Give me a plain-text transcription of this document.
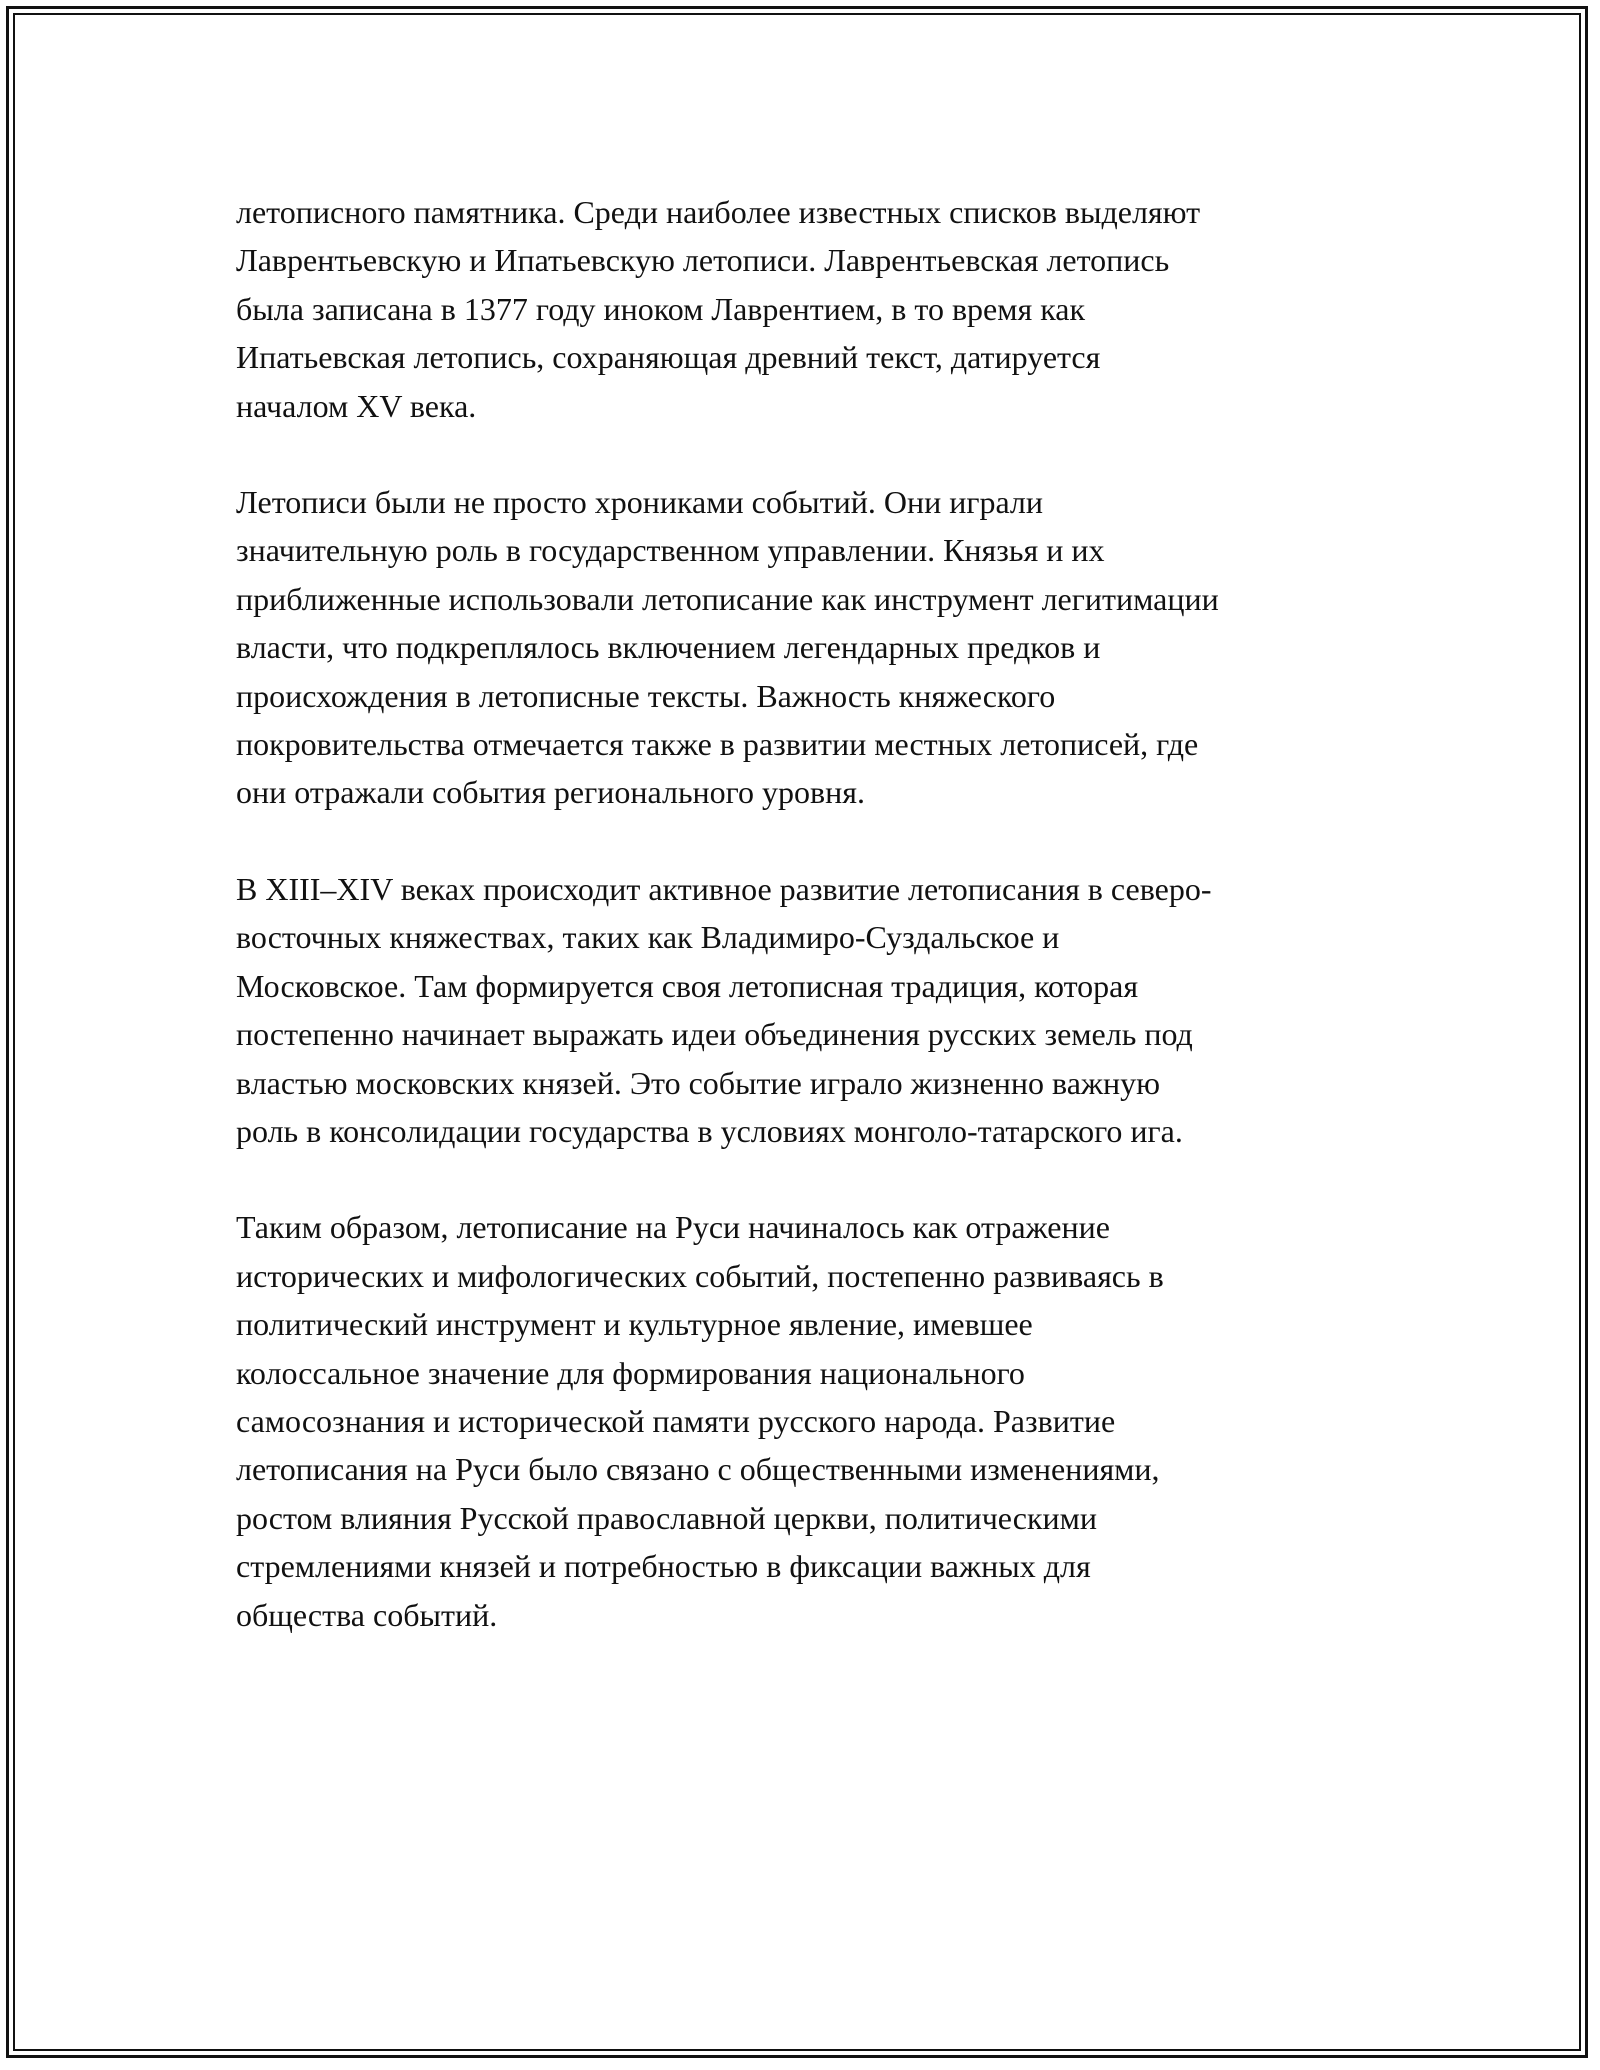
летописного памятника. Среди наиболее известных списков выделяют
Лаврентьевскую и Ипатьевскую летописи. Лаврентьевская летопись
была записана в 1377 году иноком Лаврентием, в то время как
Ипатьевская летопись, сохраняющая древний текст, датируется
началом XV века.

Летописи были не просто хрониками событий. Они играли
значительную роль в государственном управлении. Князья и их
приближенные использовали летописание как инструмент легитимации
власти, что подкреплялось включением легендарных предков и
происхождения в летописные тексты. Важность княжеского
покровительства отмечается также в развитии местных летописей, где
они отражали события регионального уровня.

В XIII–XIV веках происходит активное развитие летописания в северо-
восточных княжествах, таких как Владимиро-Суздальское и
Московское. Там формируется своя летописная традиция, которая
постепенно начинает выражать идеи объединения русских земель под
властью московских князей. Это событие играло жизненно важную
роль в консолидации государства в условиях монголо-татарского ига.

Таким образом, летописание на Руси начиналось как отражение
исторических и мифологических событий, постепенно развиваясь в
политический инструмент и культурное явление, имевшее
колоссальное значение для формирования национального
самосознания и исторической памяти русского народа. Развитие
летописания на Руси было связано с общественными изменениями,
ростом влияния Русской православной церкви, политическими
стремлениями князей и потребностью в фиксации важных для
общества событий.
